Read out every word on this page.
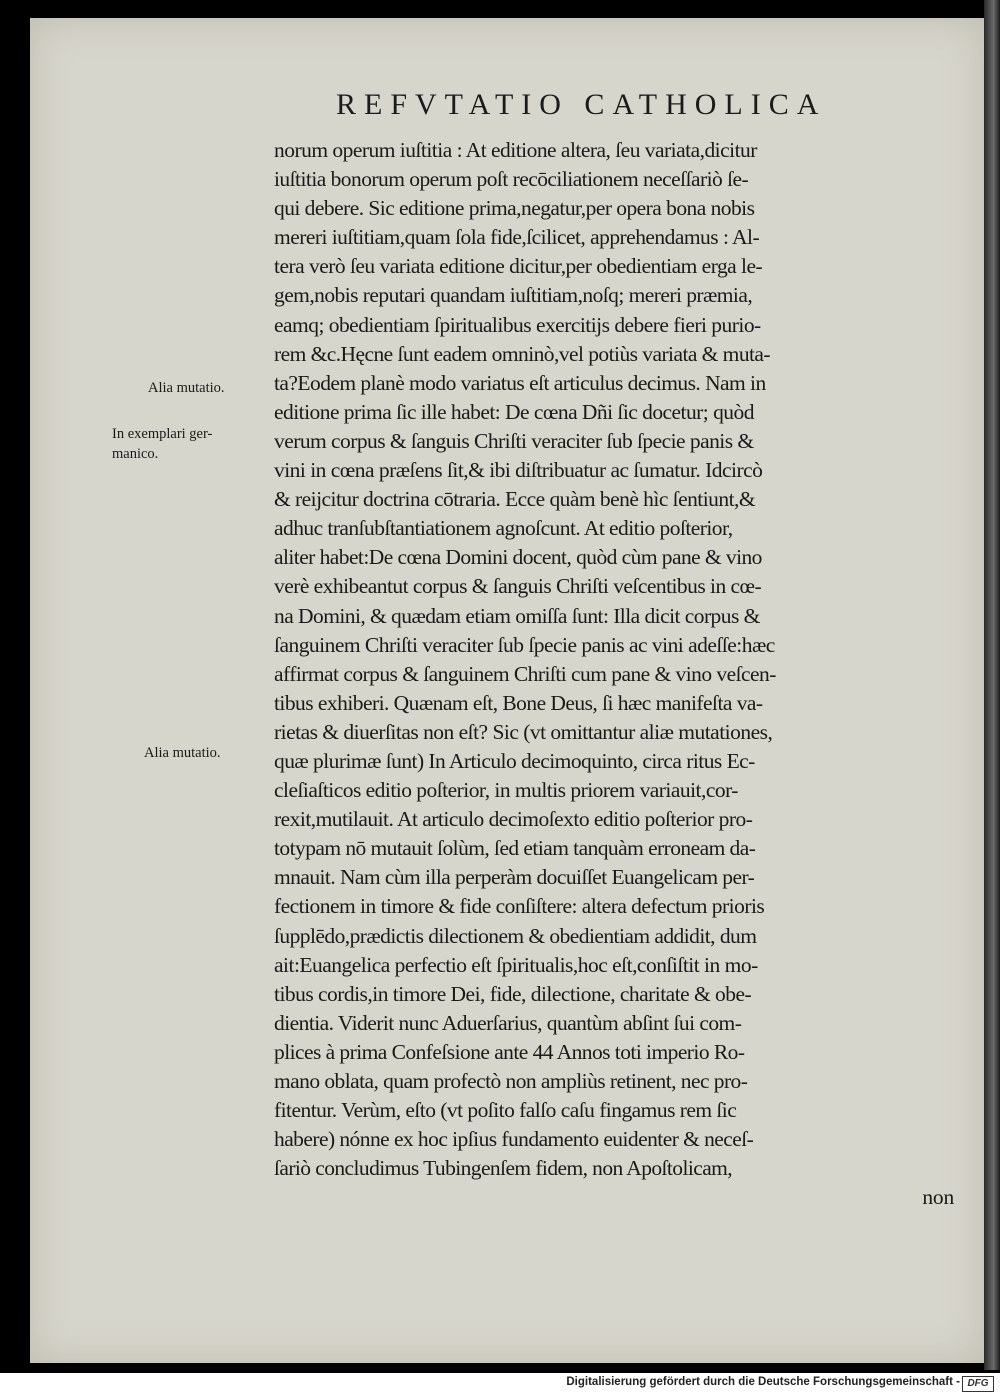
REFVTATIO CATHOLICA
Alia mutatio.
In exemplari ger-
manico.
Alia mutatio.
norum operum iuſtitia : At editione altera, ſeu variata,dicitur
iuſtitia bonorum operum poſt recōciliationem neceſſariò ſe-
qui debere. Sic editione prima,negatur,per opera bona nobis
mereri iuſtitiam,quam ſola fide,ſcilicet, apprehendamus : Al-
tera verò ſeu variata editione dicitur,per obedientiam erga le-
gem,nobis reputari quandam iuſtitiam,noſq; mereri præmia,
eamq; obedientiam ſpiritualibus exercitijs debere fieri purio-
rem &c.Hęcne ſunt eadem omninò,vel potiùs variata & muta-
ta?Eodem planè modo variatus eſt articulus decimus. Nam in
editione prima ſic ille habet: De cœna Dñi ſic docetur; quòd
verum corpus & ſanguis Chriſti veraciter ſub ſpecie panis &
vini in cœna præſens ſit,& ibi diſtribuatur ac ſumatur. Idcircò
& reijcitur doctrina cōtraria. Ecce quàm benè hìc ſentiunt,&
adhuc tranſubſtantiationem agnoſcunt. At editio poſterior,
aliter habet:De cœna Domini docent, quòd cùm pane & vino
verè exhibeantut corpus & ſanguis Chriſti veſcentibus in cœ-
na Domini, & quædam etiam omiſſa ſunt: Illa dicit corpus &
ſanguinem Chriſti veraciter ſub ſpecie panis ac vini adeſſe:hæc
affirmat corpus & ſanguinem Chriſti cum pane & vino veſcen-
tibus exhiberi. Quænam eſt, Bone Deus, ſi hæc manifeſta va-
rietas & diuerſitas non eſt? Sic (vt omittantur aliæ mutationes,
quæ plurimæ ſunt) In Articulo decimoquinto, circa ritus Ec-
cleſiaſticos editio poſterior, in multis priorem variauit,cor-
rexit,mutilauit. At articulo decimoſexto editio poſterior pro-
totypam nō mutauit ſolùm, ſed etiam tanquàm erroneam da-
mnauit. Nam cùm illa perperàm docuiſſet Euangelicam per-
fectionem in timore & fide conſiſtere: altera defectum prioris
ſupplēdo,prædictis dilectionem & obedientiam addidit, dum
ait:Euangelica perfectio eſt ſpiritualis,hoc eſt,conſiſtit in mo-
tibus cordis,in timore Dei, fide, dilectione, charitate & obe-
dientia. Viderit nunc Aduerſarius, quantùm abſint ſui com-
plices à prima Confeſsione ante 44 Annos toti imperio Ro-
mano oblata, quam profectò non ampliùs retinent, nec pro-
fitentur. Verùm, eſto (vt poſito falſo caſu fingamus rem ſic
habere) nónne ex hoc ipſius fundamento euidenter & neceſ-
ſariò concludimus Tubingenſem fidem, non Apoſtolicam,
non
Digitalisierung gefördert durch die Deutsche Forschungsgemeinschaft - DFG
